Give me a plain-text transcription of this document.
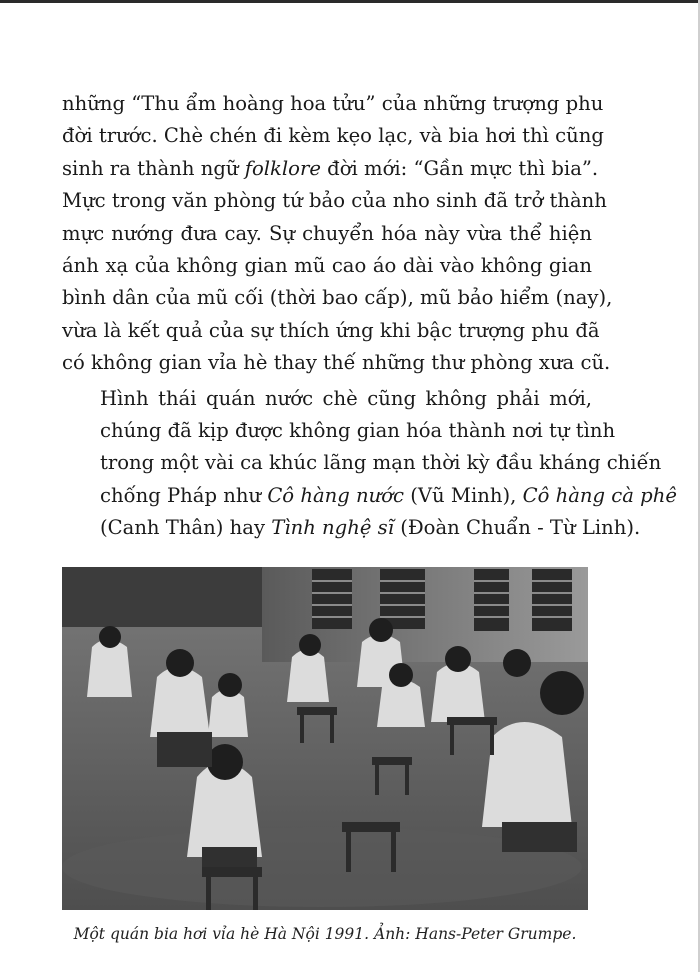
những “Thu ẩm hoàng hoa tửu” của những trượng phu
đời trước. Chè chén đi kèm kẹo lạc, và bia hơi thì cũng
sinh ra thành ngữ folklore đời mới: “Gần mực thì bia”.
Mực trong văn phòng tứ bảo của nho sinh đã trở thành
mực nướng đưa cay. Sự chuyển hóa này vừa thể hiện
ánh xạ của không gian mũ cao áo dài vào không gian
bình dân của mũ cối (thời bao cấp), mũ bảo hiểm (nay),
vừa là kết quả của sự thích ứng khi bậc trượng phu đã
có không gian vỉa hè thay thế những thư phòng xưa cũ.

Hình thái quán nước chè cũng không phải mới,
chúng đã kịp được không gian hóa thành nơi tự tình
trong một vài ca khúc lãng mạn thời kỳ đầu kháng chiến
chống Pháp như Cô hàng nước (Vũ Minh), Cô hàng cà phê
(Canh Thân) hay Tình nghệ sĩ (Đoàn Chuẩn - Từ Linh).

Một quán bia hơi vỉa hè Hà Nội 1991. Ảnh: Hans-Peter Grumpe.
